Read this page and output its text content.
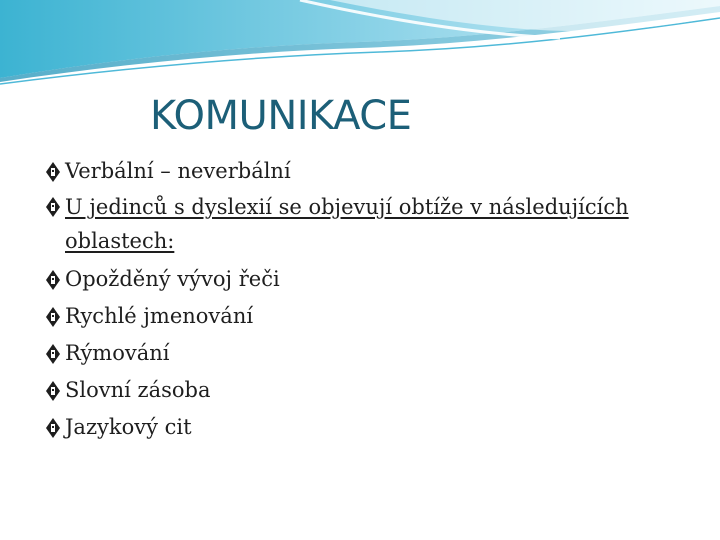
KOMUNIKACE
Verbální – neverbální
U jedinců s dyslexií se objevují obtíže v následujících oblastech:
Opožděný vývoj řeči
Rychlé jmenování
Rýmování
Slovní zásoba
Jazykový cit
